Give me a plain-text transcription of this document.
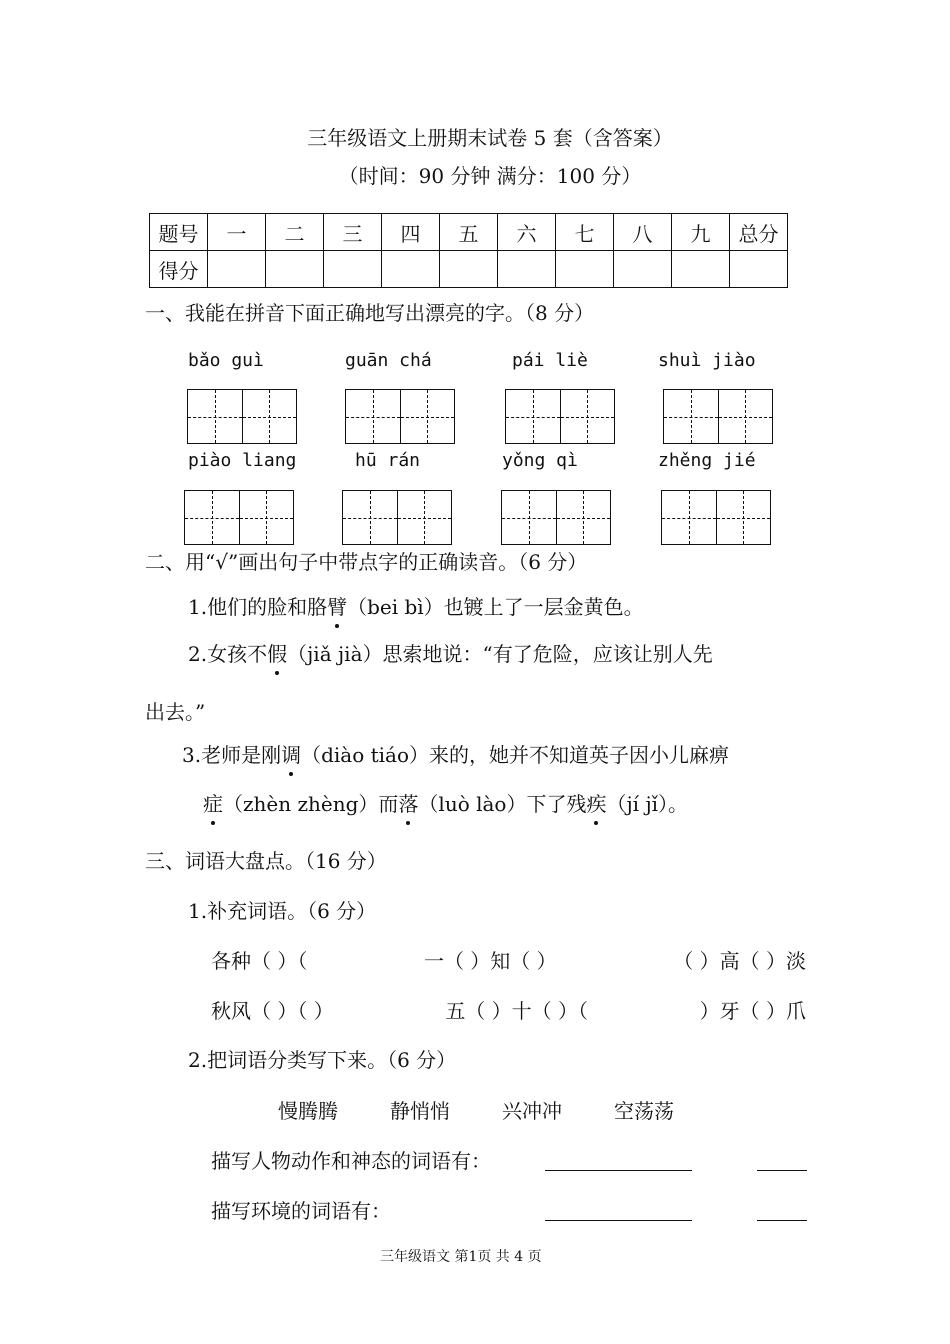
三年级语文上册期末试卷 5 套（含答案）
（时间：90 分钟 满分：100 分）
题号	一	二	三	四	五	六	七	八	九	总分
得分										
一、我能在拼音下面正确地写出漂亮的字。（8 分）
bǎo guì	guān chá	pái liè	shuì jiào
piào liang	hū rán	yǒng qì	zhěng jié
二、用“√”画出句子中带点字的正确读音。（6 分）
1.他们的脸和胳臂（bei bì）也镀上了一层金黄色。
2.女孩不假（jiǎ jià）思索地说：“有了危险，应该让别人先
出去。”
3.老师是刚调（diào tiáo）来的，她并不知道英子因小儿麻痹
症（zhèn zhèng）而落（luò lào）下了残疾（jí jǐ）。
三、词语大盘点。（16 分）
1.补充词语。（6 分）
各种（ ）（	一（ ）知（ ）	（ ）高（ ）淡
秋风（ ）（ ）	五（ ）十（ ）（	）牙（ ）爪
2.把词语分类写下来。（6 分）
慢腾腾	静悄悄	兴冲冲	空荡荡
描写人物动作和神态的词语有：
描写环境的词语有：
三年级语文 第1页 共 4 页
